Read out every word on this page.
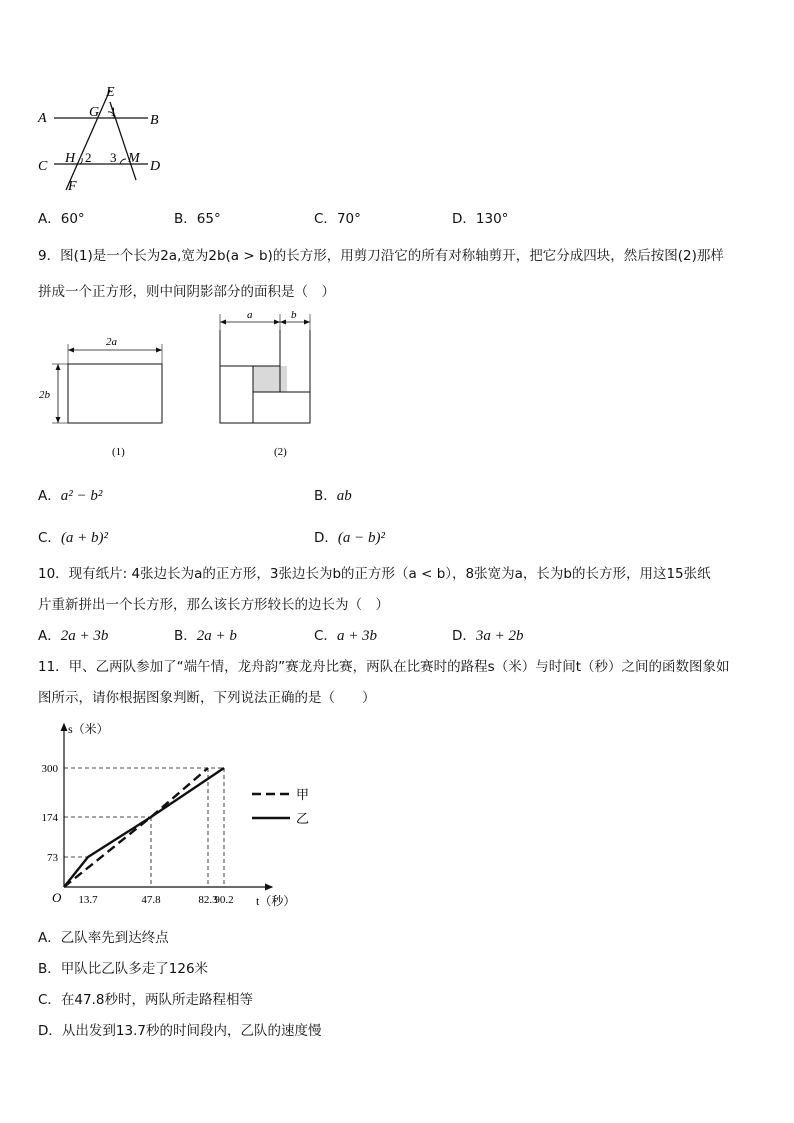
A	B
C	D
E
F
G
H	M
1
2 3
A．60°	B．65°	C．70°	D．130°
9．图(1)是一个长为2a,宽为2b(a > b)的长方形，用剪刀沿它的所有对称轴剪开，把它分成四块，然后按图(2)那样
拼成一个正方形，则中间阴影部分的面积是（　）
2a
2b
(1)	(2)
a	b
A．a² − b²	B．ab
C．(a + b)²	D．(a − b)²
10．现有纸片: 4张边长为a的正方形，3张边长为b的正方形（a < b），8张宽为a，长为b的长方形，用这15张纸
片重新拼出一个长方形，那么该长方形较长的边长为（　）
A．2a + 3b	B．2a + b	C．a + 3b	D．3a + 2b
11．甲、乙两队参加了“端午情，龙舟韵”赛龙舟比赛，两队在比赛时的路程s（米）与时间t（秒）之间的函数图象如
图所示，请你根据图象判断，下列说法正确的是（　　）
13.7	47.8	82.3
90.2
73
174
300
s（米）
t（秒）
O
甲
乙
A．乙队率先到达终点
B．甲队比乙队多走了126米
C．在47.8秒时，两队所走路程相等
D．从出发到13.7秒的时间段内，乙队的速度慢
